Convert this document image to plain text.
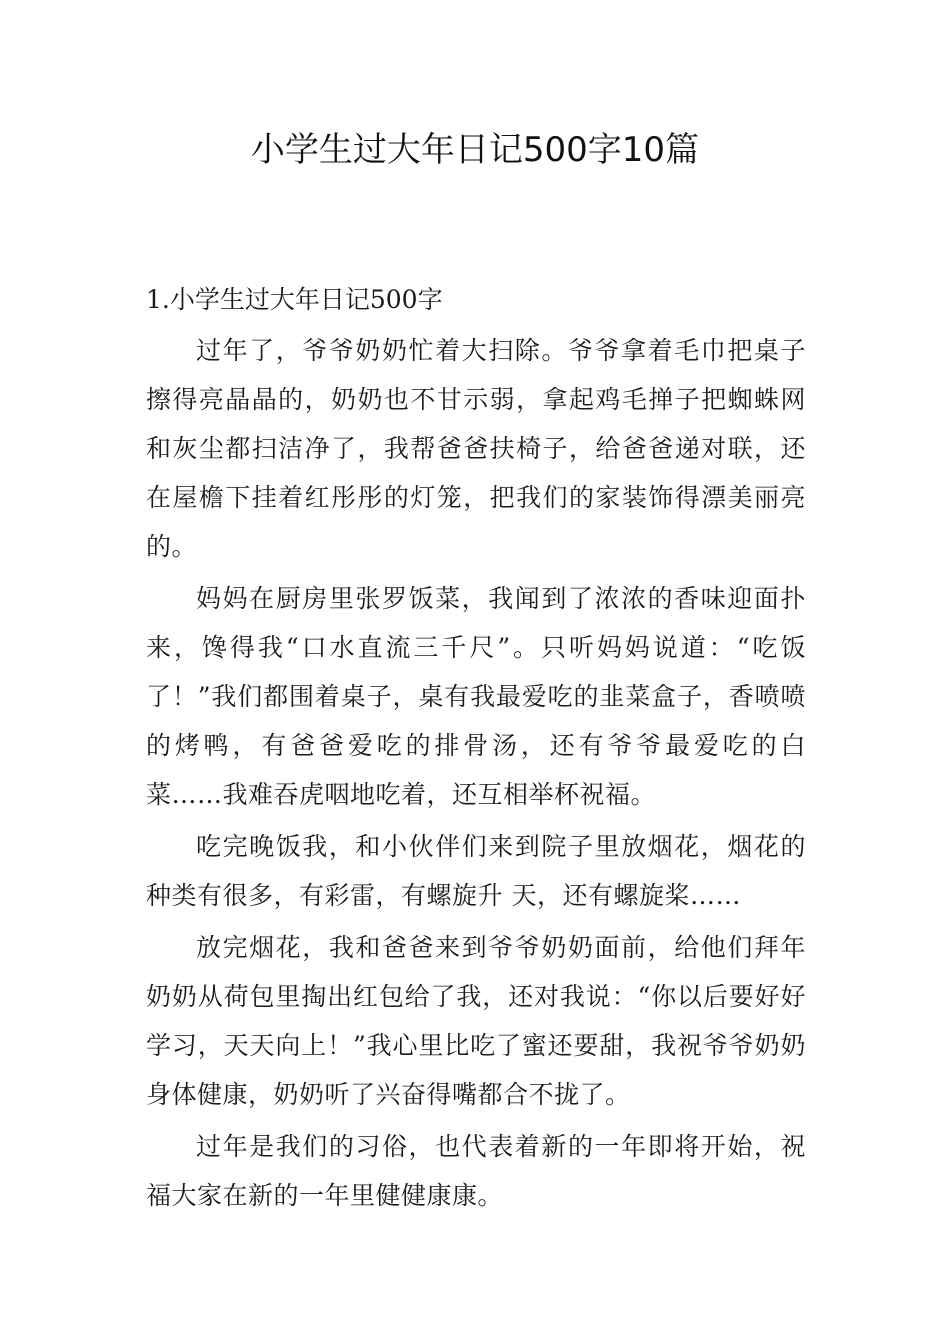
小学生过大年日记500字10篇

1.小学生过大年日记500字

过年了，爷爷奶奶忙着大扫除。爷爷拿着毛巾把桌子擦得亮晶晶的，奶奶也不甘示弱，拿起鸡毛掸子把蜘蛛网和灰尘都扫洁净了，我帮爸爸扶椅子，给爸爸递对联，还在屋檐下挂着红彤彤的灯笼，把我们的家装饰得漂美丽亮的。

妈妈在厨房里张罗饭菜，我闻到了浓浓的香味迎面扑来，馋得我“口水直流三千尺”。只听妈妈说道：“吃饭了！”我们都围着桌子，桌有我最爱吃的韭菜盒子，香喷喷的烤鸭，有爸爸爱吃的排骨汤，还有爷爷最爱吃的白菜……我难吞虎咽地吃着，还互相举杯祝福。

吃完晚饭我，和小伙伴们来到院子里放烟花，烟花的种类有很多，有彩雷，有螺旋升 天，还有螺旋桨……

放完烟花，我和爸爸来到爷爷奶奶面前，给他们拜年奶奶从荷包里掏出红包给了我，还对我说：“你以后要好好学习，天天向上！”我心里比吃了蜜还要甜，我祝爷爷奶奶身体健康，奶奶听了兴奋得嘴都合不拢了。

过年是我们的习俗，也代表着新的一年即将开始，祝福大家在新的一年里健健康康。
